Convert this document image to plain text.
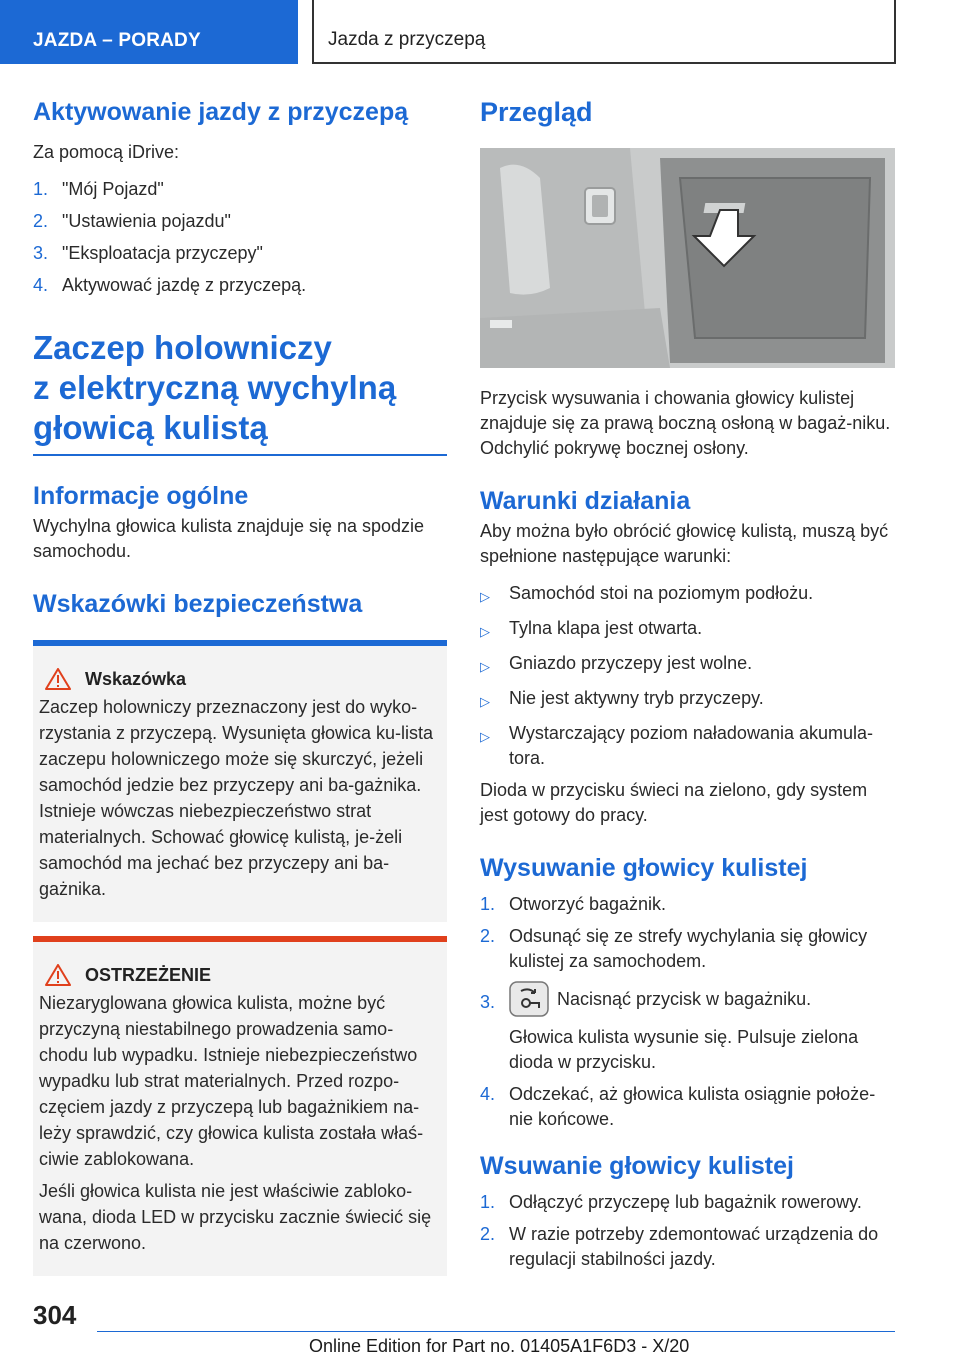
JAZDA – PORADY	Jazda z przyczepą
Aktywowanie jazdy z przyczepą

Za pomocą iDrive:

1. "Mój Pojazd"
2. "Ustawienia pojazdu"
3. "Eksploatacja przyczepy"
4. Aktywować jazdę z przyczepą.
Zaczep holowniczy
z elektryczną wychylną
głowicą kulistą
Informacje ogólne

Wychylna głowica kulista znajduje się na spodzie samochodu.

Wskazówki bezpieczeństwa
Wskazówka

Zaczep holowniczy przeznaczony jest do wyko-rzystania z przyczepą. Wysunięta głowica ku-lista zaczepu holowniczego może się skurczyć, jeżeli samochód jedzie bez przyczepy ani ba-gażnika. Istnieje wówczas niebezpieczeństwo strat materialnych. Schować głowicę kulistą, je-żeli samochód ma jechać bez przyczepy ani ba-gażnika.

OSTRZEŻENIE

Niezaryglowana głowica kulista, możne być przyczyną niestabilnego prowadzenia samo-chodu lub wypadku. Istnieje niebezpieczeństwo wypadku lub strat materialnych. Przed rozpo-częciem jazdy z przyczepą lub bagażnikiem na-leży sprawdzić, czy głowica kulista została właś-ciwie zablokowana.

Jeśli głowica kulista nie jest właściwie zabloko-wana, dioda LED w przycisku zacznie świecić się na czerwono.

Przegląd

Przycisk wysuwania i chowania głowicy kulistej znajduje się za prawą boczną osłoną w bagaż-niku. Odchylić pokrywę bocznej osłony.

Warunki działania

Aby można było obrócić głowicę kulistą, muszą być spełnione następujące warunki:

▷	Samochód stoi na poziomym podłożu.
▷	Tylna klapa jest otwarta.
▷	Gniazdo przyczepy jest wolne.
▷	Nie jest aktywny tryb przyczepy.
▷	Wystarczający poziom naładowania akumula-tora.

Dioda w przycisku świeci na zielono, gdy system jest gotowy do pracy.

Wysuwanie głowicy kulistej
1. Otworzyć bagażnik.
2. Odsunąć się ze strefy wychylania się głowicy kulistej za samochodem.
3.	Nacisnąć przycisk w bagażniku.
Głowica kulista wysunie się. Pulsuje zielona dioda w przycisku.
4. Odczekać, aż głowica kulista osiągnie położe-nie końcowe.
Wsuwanie głowicy kulistej
1. Odłączyć przyczepę lub bagażnik rowerowy.
2. W razie potrzeby zdemontować urządzenia do regulacji stabilności jazdy.
304
Online Edition for Part no. 01405A1F6D3 - X/20
